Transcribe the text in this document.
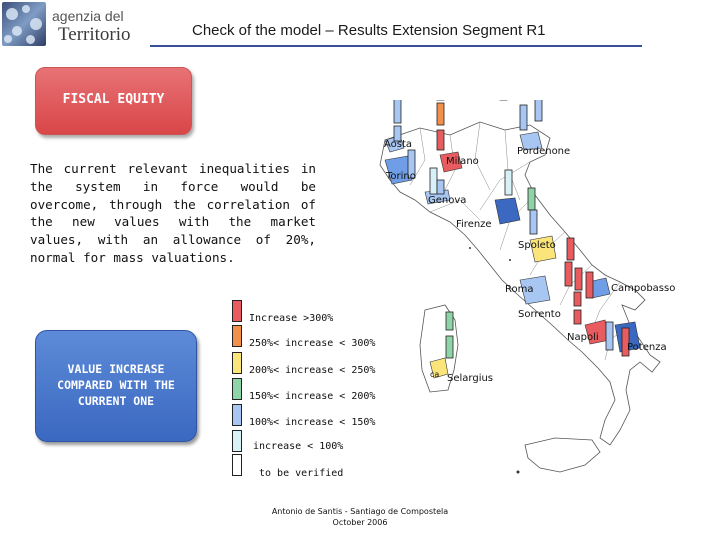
agenzia del
Territorio	Check of the model – Results Extension Segment R1
FISCAL EQUITY
The current relevant inequalities in the system in force would be overcome, through the correlation of the new values with the market values, with an allowance of 20%, normal for mass valuations.
VALUE INCREASE COMPARED WITH THE CURRENT ONE
Increase >300%
250%< increase < 300%
200%< increase < 250%
150%< increase < 200%
100%< increase < 150%
increase < 100%
to be verified
Aosta
Milano
Pordenone
Torino
Genova
Firenze
Spoleto
Roma	Campobasso
Sorrento
Napoli
Potenza
Selargius
ca
Antonio de Santis - Santiago de Compostela
October 2006
